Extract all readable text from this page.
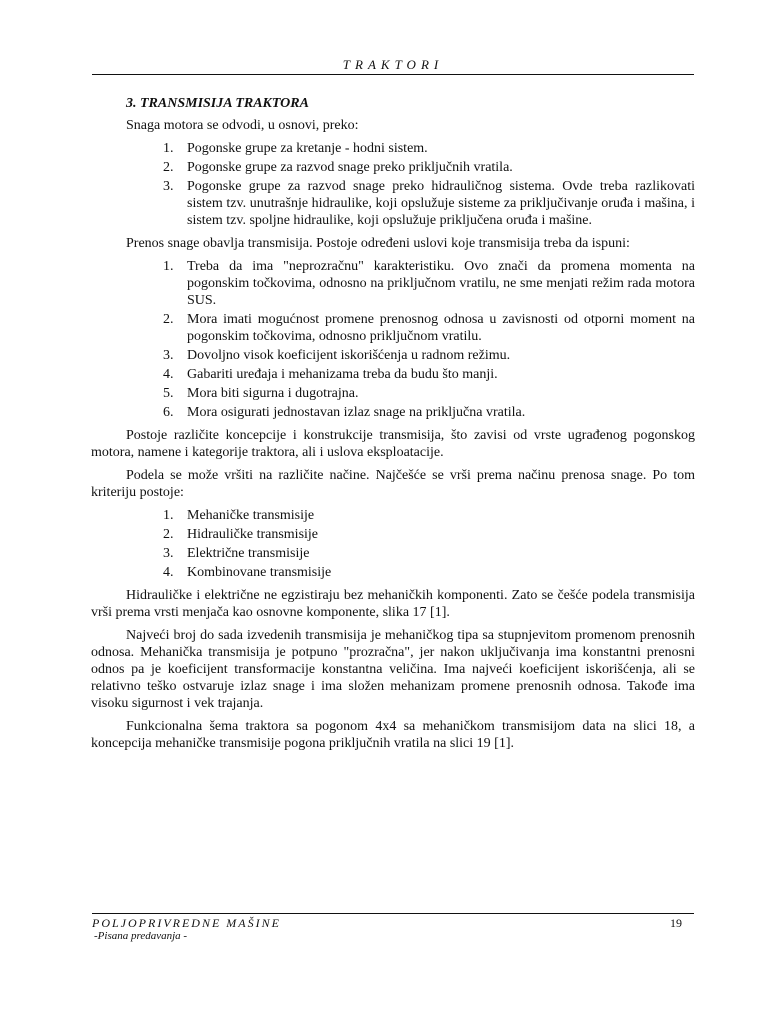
TRAKTORI
3. TRANSMISIJA TRAKTORA

Snaga motora se odvodi, u osnovi, preko:

1. Pogonske grupe za kretanje - hodni sistem.
2. Pogonske grupe za razvod snage preko priključnih vratila.
3. Pogonske grupe za razvod snage preko hidrauličnog sistema. Ovde treba razlikovati sistem tzv. unutrašnje hidraulike, koji opslužuje sisteme za priključivanje oruđa i mašina, i sistem tzv. spoljne hidraulike, koji opslužuje priključena oruđa i mašine.

Prenos snage obavlja transmisija. Postoje određeni uslovi koje transmisija treba da ispuni:

1. Treba da ima "neprozračnu" karakteristiku. Ovo znači da promena momenta na pogonskim točkovima, odnosno na priključnom vratilu, ne sme menjati režim rada motora SUS.
2. Mora imati mogućnost promene prenosnog odnosa u zavisnosti od otporni moment na pogonskim točkovima, odnosno priključnom vratilu.
3. Dovoljno visok koeficijent iskorišćenja u radnom režimu.
4. Gabariti uređaja i mehanizama treba da budu što manji.
5. Mora biti sigurna i dugotrajna.
6. Mora osigurati jednostavan izlaz snage na priključna vratila.

Postoje različite koncepcije i konstrukcije transmisija, što zavisi od vrste ugrađenog pogonskog motora, namene i kategorije traktora, ali i uslova eksploatacije.

Podela se može vršiti na različite načine. Najčešće se vrši prema načinu prenosa snage. Po tom kriteriju postoje:

1. Mehaničke transmisije
2. Hidrauličke transmisije
3. Električne transmisije
4. Kombinovane transmisije

Hidrauličke i električne ne egzistiraju bez mehaničkih komponenti. Zato se češće podela transmisija vrši prema vrsti menjača kao osnovne komponente, slika 17 [1].

Najveći broj do sada izvedenih transmisija je mehaničkog tipa sa stupnjevitom promenom prenosnih odnosa. Mehanička transmisija je potpuno "prozračna", jer nakon uključivanja ima konstantni prenosni odnos pa je koeficijent transformacije konstantna veličina. Ima najveći koeficijent iskorišćenja, ali se relativno teško ostvaruje izlaz snage i ima složen mehanizam promene prenosnih odnosa. Takođe ima visoku sigurnost i vek trajanja.

Funkcionalna šema traktora sa pogonom 4x4 sa mehaničkom transmisijom data na slici 18, a koncepcija mehaničke transmisije pogona priključnih vratila na slici 19 [1].

POLJOPRIVREDNE MAŠINE
-Pisana predavanja -
19
